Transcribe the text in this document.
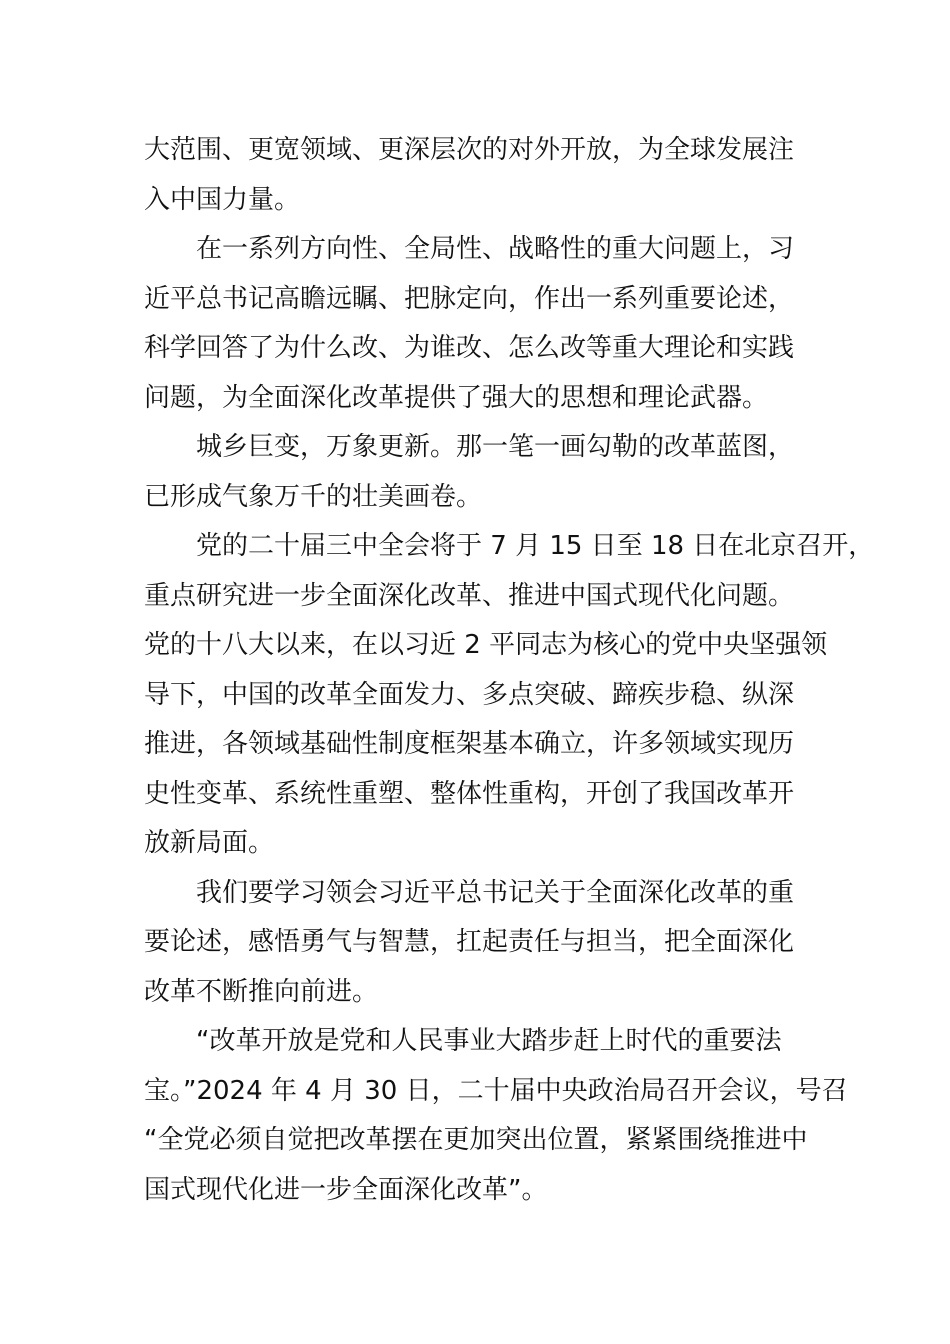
大范围、更宽领域、更深层次的对外开放，为全球发展注
入中国力量。
在一系列方向性、全局性、战略性的重大问题上，习
近平总书记高瞻远瞩、把脉定向，作出一系列重要论述，
科学回答了为什么改、为谁改、怎么改等重大理论和实践
问题，为全面深化改革提供了强大的思想和理论武器。
城乡巨变，万象更新。那一笔一画勾勒的改革蓝图，
已形成气象万千的壮美画卷。
党的二十届三中全会将于 7 月 15 日至 18 日在北京召开，
重点研究进一步全面深化改革、推进中国式现代化问题。
党的十八大以来，在以习近 2 平同志为核心的党中央坚强领
导下，中国的改革全面发力、多点突破、蹄疾步稳、纵深
推进，各领域基础性制度框架基本确立，许多领域实现历
史性变革、系统性重塑、整体性重构，开创了我国改革开
放新局面。
我们要学习领会习近平总书记关于全面深化改革的重
要论述，感悟勇气与智慧，扛起责任与担当，把全面深化
改革不断推向前进。
“改革开放是党和人民事业大踏步赶上时代的重要法
宝。”2024 年 4 月 30 日，二十届中央政治局召开会议，号召
“全党必须自觉把改革摆在更加突出位置，紧紧围绕推进中
国式现代化进一步全面深化改革”。
